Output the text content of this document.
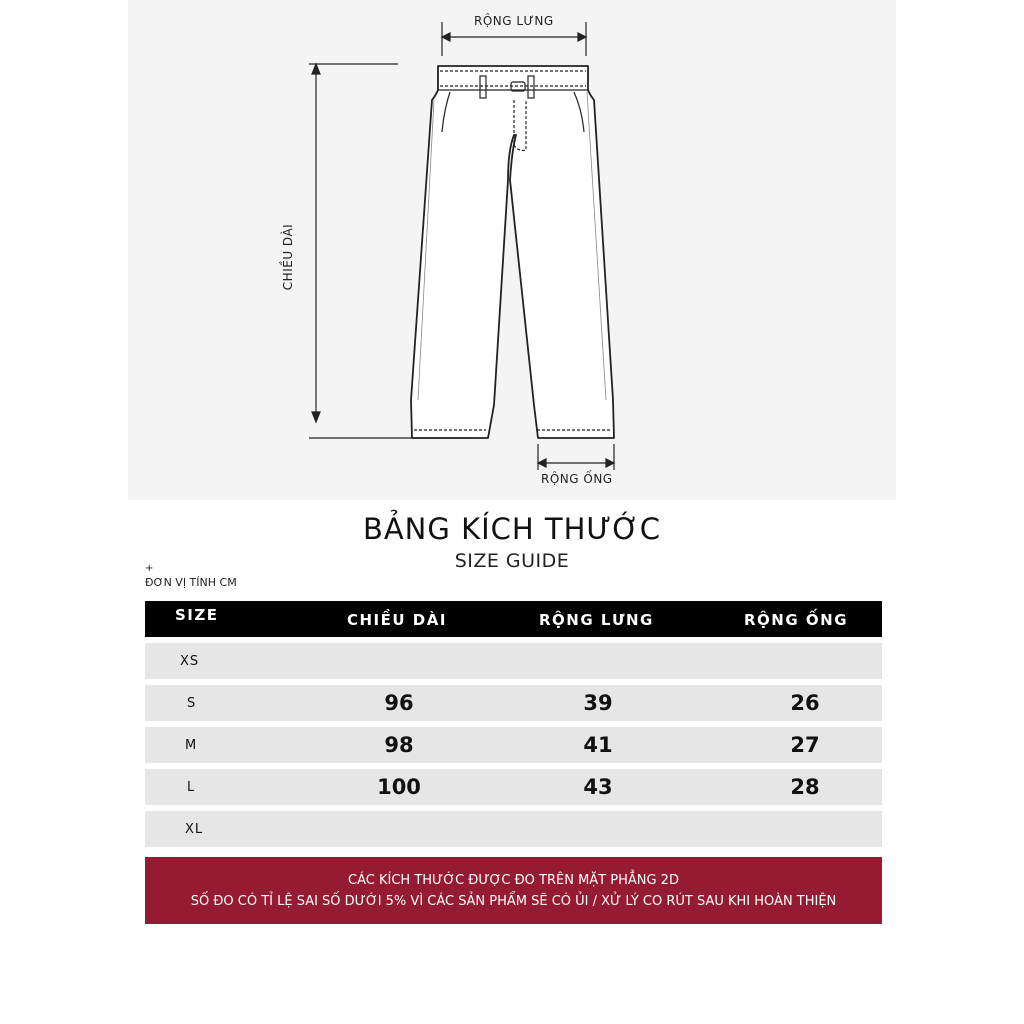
RỘNG LƯNG
CHIỀU DÀI
RỘNG ỐNG
BẢNG KÍCH THƯỚC
SIZE GUIDE
+
ĐƠN VỊ TÍNH CM
SIZE	CHIỀU DÀI	RỘNG LƯNG	RỘNG ỐNG
XS
S	96	39	26
M	98	41	27
L	100	43	28
XL
CÁC KÍCH THƯỚC ĐƯỢC ĐO TRÊN MẶT PHẲNG 2D
SỐ ĐO CÓ TỈ LỆ SAI SỐ DƯỚI 5% VÌ CÁC SẢN PHẨM SẼ CÓ ỦI / XỬ LÝ CO RÚT SAU KHI HOÀN THIỆN
